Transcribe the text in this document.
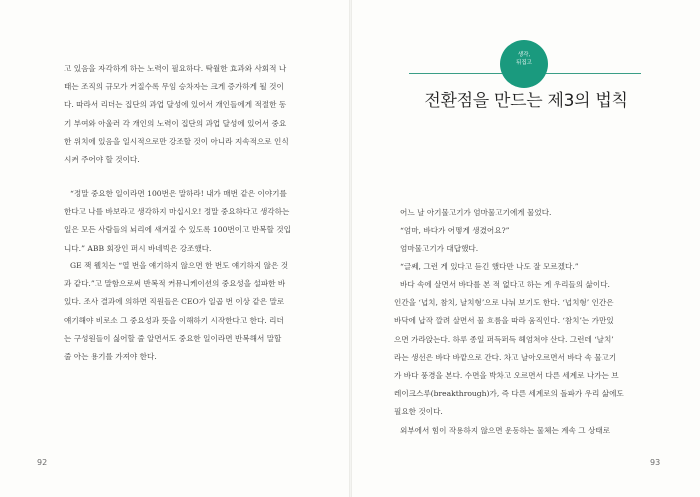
고 있음을 자각하게 하는 노력이 필요하다. 탁월한 효과와 사회적 나
태는 조직의 규모가 커질수록 무임 승차자는 크게 증가하게 될 것이
다. 따라서 리더는 집단의 과업 달성에 있어서 개인들에게 적절한 동
기 부여와 아울러 각 개인의 노력이 집단의 과업 달성에 있어서 중요
한 위치에 있음을 일시적으로만 강조할 것이 아니라 지속적으로 인식
시켜 주어야 할 것이다.
“정말 중요한 일이라면 100번은 말하라! 내가 매번 같은 이야기를
한다고 나를 바보라고 생각하지 마십시오! 정말 중요하다고 생각하는
일은 모든 사람들의 뇌리에 새겨질 수 있도록 100번이고 반복할 것입
니다.” ABB 회장인 퍼시 바네빅은 강조했다.
GE 잭 웰치는 “열 번을 얘기하지 않으면 한 번도 얘기하지 않은 것
과 같다.”고 말함으로써 반복적 커뮤니케이션의 중요성을 설파한 바
있다. 조사 결과에 의하면 직원들은 CEO가 일곱 번 이상 같은 말로
얘기해야 비로소 그 중요성과 뜻을 이해하기 시작한다고 한다. 리더
는 구성원들이 싫어할 줄 알면서도 중요한 일이라면 반복해서 말할
줄 아는 용기를 가져야 한다.
92
생각,
뒤집고
전환점을 만드는 제3의 법칙
어느 날 아기물고기가 엄마물고기에게 물었다.
“엄마, 바다가 어떻게 생겼어요?”
엄마물고기가 대답했다.
“글쎄, 그런 게 있다고 듣긴 했다만 나도 잘 모르겠다.”
바다 속에 살면서 바다를 본 적 없다고 하는 게 우리들의 삶이다.
인간을 ‘넙치, 참치, 날치형’으로 나눠 보기도 한다. ‘넙치형’ 인간은
바닥에 납작 깔려 살면서 물 흐름을 따라 움직인다. ‘참치’는 가만있
으면 가라앉는다. 하루 종일 퍼득퍼득 헤엄쳐야 산다. 그런데 ‘날치’
라는 생선은 바다 바깥으로 간다. 차고 날아오르면서 바다 속 물고기
가 바다 풍경을 본다. 수면을 박차고 오르면서 다른 세계로 나가는 브
레이크스루(breakthrough)가, 즉 다른 세계로의 돌파가 우리 삶에도
필요한 것이다.
외부에서 힘이 작용하지 않으면 운동하는 물체는 계속 그 상태로
93
